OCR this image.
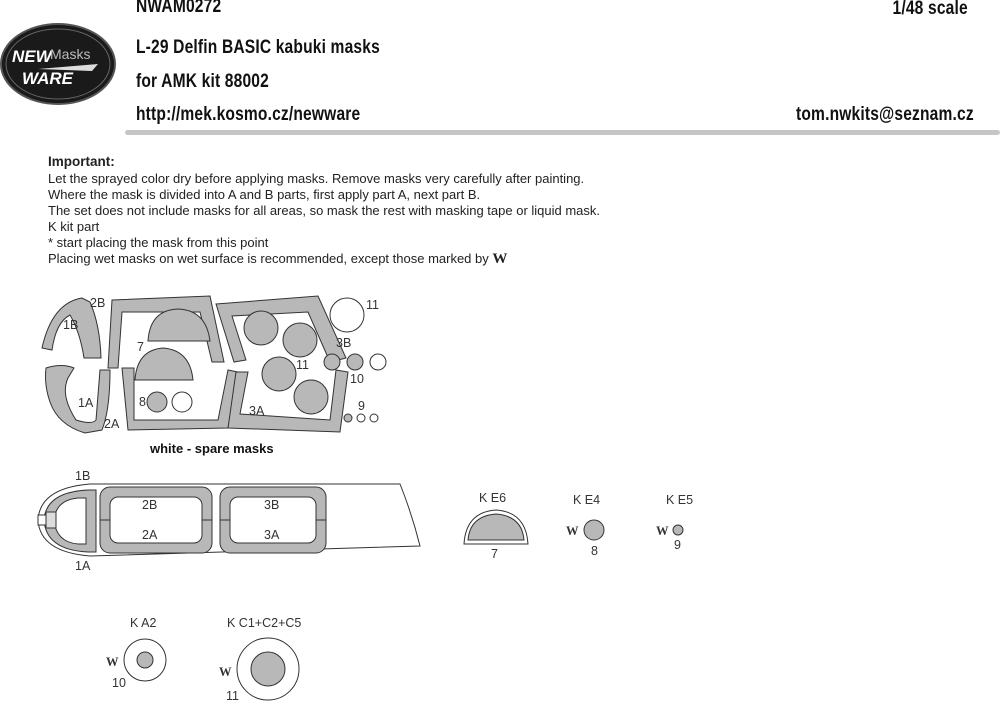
NWAM0272	1/48 scale
L-29 Delfin BASIC kabuki masks
for AMK kit 88002
http://mek.kosmo.cz/newware	tom.nwkits@seznam.cz
NEW
Masks
WARE
Important:
Let the sprayed color dry before applying masks. Remove masks very carefully after painting.
Where the mask is divided into A and B parts, first apply part A, next part B.
The set does not include masks for all areas, so mask the rest with masking tape or liquid mask.
K kit part
* start placing the mask from this point
Placing wet masks on wet surface is recommended, except those marked by W
2B
1B
7
1A
2A
8
11
3B
10
3A	9
11
white - spare masks
1B
2B	3B
2A	3A
1A
K E6
7
K E4
8
W
K E5
9
W
K A2
10
W
K C1+C2+C5
11
W
